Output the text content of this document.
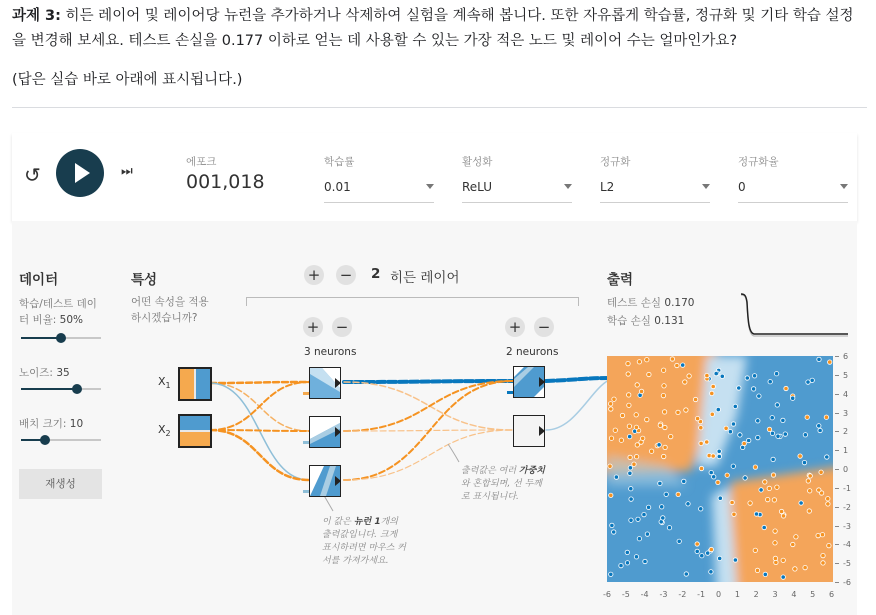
과제 3: 히든 레이어 및 레이어당 뉴런을 추가하거나 삭제하여 실험을 계속해 봅니다. 또한 자유롭게 학습률, 정규화 및 기타 학습 설정을 변경해 보세요. 테스트 손실을 0.177 이하로 얻는 데 사용할 수 있는 가장 적은 노드 및 레이어 수는 얼마인가요?
(답은 실습 바로 아래에 표시됩니다.)
↺	⏭
에포크
001,018
학습률
0.01
활성화
ReLU
정규화
L2
정규화율
0
데이터
학습/테스트 데이터 비율: 50%
노이즈: 35
배치 크기: 10
재생성
특성
어떤 속성을 적용하시겠습니까?
$X_1$
$X_2$
+ − 2 히든 레이어
+ −
3 neurons
+ −
2 neurons
출력값은 여러 가중치
와 혼합되며, 선 두께
로 표시됩니다.
이 값은 뉴런 1개의
출력값입니다. 크게
표시하려면 마우스 커
서를 가져가세요.
출력
테스트 손실 0.170
학습 손실 0.131
6
5
4
3
2
1
0
-1
-2
-3
-4
-5
-6
-6 -5 -4 -3 -2 -1 0 1 2 3 4 5 6
